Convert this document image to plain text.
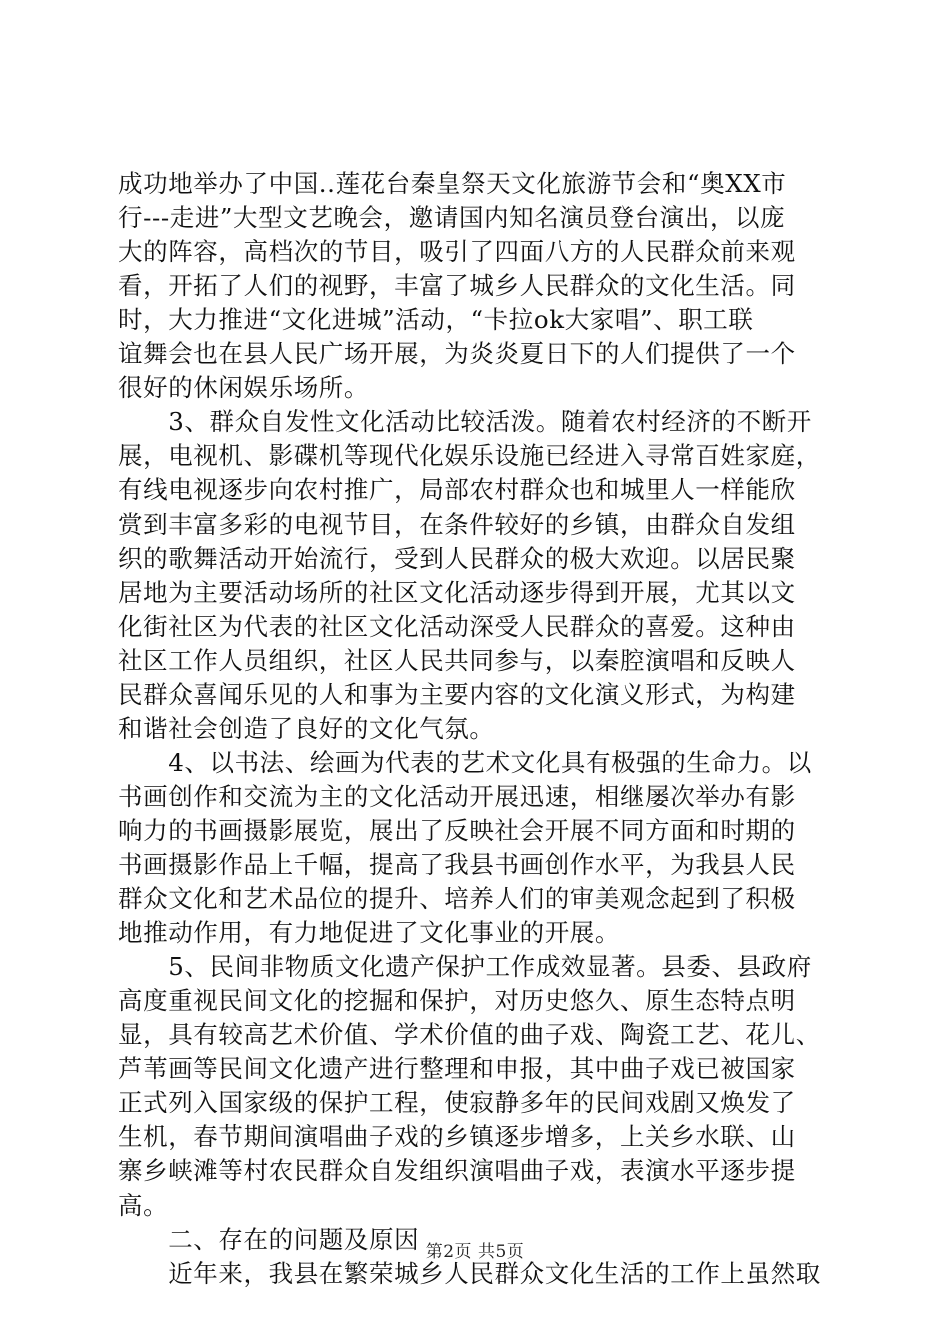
成功地举办了中国..莲花台秦皇祭天文化旅游节会和“奥XX市
行---走进”大型文艺晚会，邀请国内知名演员登台演出，以庞
大的阵容，高档次的节目，吸引了四面八方的人民群众前来观
看，开拓了人们的视野，丰富了城乡人民群众的文化生活。同
时，大力推进“文化进城”活动，“卡拉ok大家唱”、职工联
谊舞会也在县人民广场开展，为炎炎夏日下的人们提供了一个
很好的休闲娱乐场所。
　　3、群众自发性文化活动比较活泼。随着农村经济的不断开
展，电视机、影碟机等现代化娱乐设施已经进入寻常百姓家庭，
有线电视逐步向农村推广，局部农村群众也和城里人一样能欣
赏到丰富多彩的电视节目，在条件较好的乡镇，由群众自发组
织的歌舞活动开始流行，受到人民群众的极大欢迎。以居民聚
居地为主要活动场所的社区文化活动逐步得到开展，尤其以文
化街社区为代表的社区文化活动深受人民群众的喜爱。这种由
社区工作人员组织，社区人民共同参与，以秦腔演唱和反映人
民群众喜闻乐见的人和事为主要内容的文化演义形式，为构建
和谐社会创造了良好的文化气氛。
　　4、以书法、绘画为代表的艺术文化具有极强的生命力。以
书画创作和交流为主的文化活动开展迅速，相继屡次举办有影
响力的书画摄影展览，展出了反映社会开展不同方面和时期的
书画摄影作品上千幅，提高了我县书画创作水平，为我县人民
群众文化和艺术品位的提升、培养人们的审美观念起到了积极
地推动作用，有力地促进了文化事业的开展。
　　5、民间非物质文化遗产保护工作成效显著。县委、县政府
高度重视民间文化的挖掘和保护，对历史悠久、原生态特点明
显，具有较高艺术价值、学术价值的曲子戏、陶瓷工艺、花儿、
芦苇画等民间文化遗产进行整理和申报，其中曲子戏已被国家
正式列入国家级的保护工程，使寂静多年的民间戏剧又焕发了
生机，春节期间演唱曲子戏的乡镇逐步增多，上关乡水联、山
寨乡峡滩等村农民群众自发组织演唱曲子戏，表演水平逐步提
高。
　　二、存在的问题及原因
　　近年来，我县在繁荣城乡人民群众文化生活的工作上虽然取
第2页 共5页
